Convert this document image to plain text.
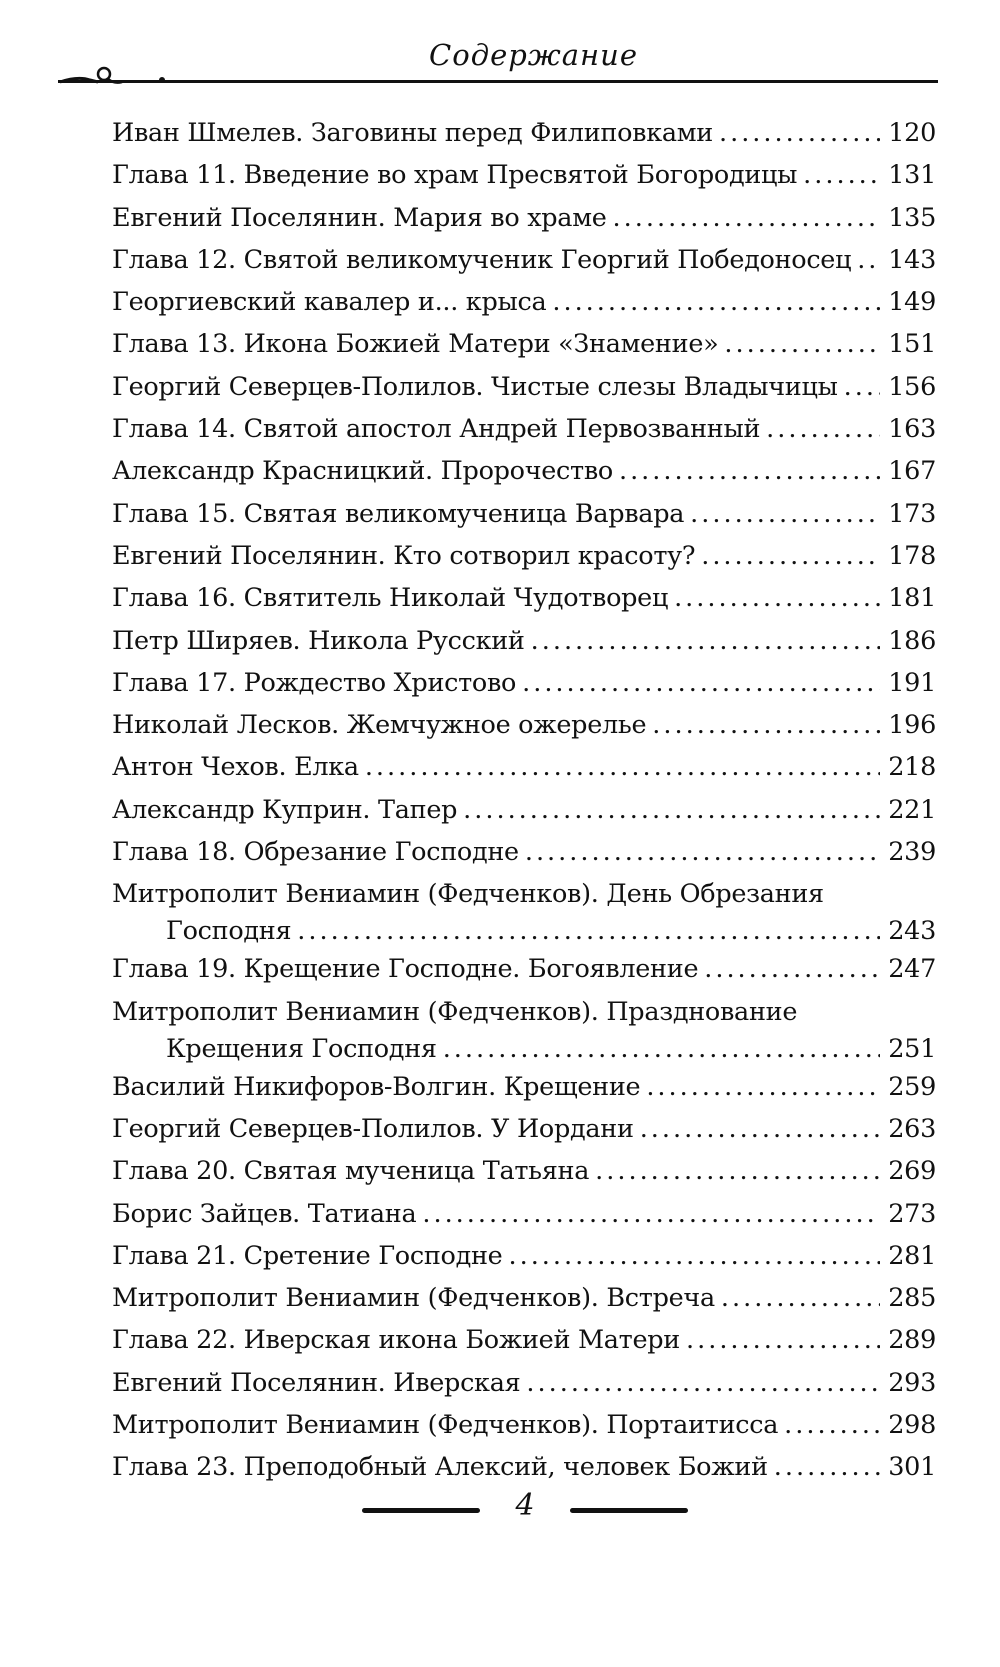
Содержание
Иван Шмелев. Заговины перед Филиповками .....	120
Глава 11. Введение во храм Пресвятой Богородицы .....	131
Евгений Поселянин. Мария во храме .....	135
Глава 12. Святой великомученик Георгий Победоносец ..... 143
Георгиевский кавалер и... крыса .....	149
Глава 13. Икона Божией Матери «Знамение» .....	151
Георгий Северцев-Полилов. Чистые слезы Владычицы ..... 156
Глава 14. Святой апостол Андрей Первозванный .....	163
Александр Красницкий. Пророчество .....	167
Глава 15. Святая великомученица Варвара .....	173
Евгений Поселянин. Кто сотворил красоту? .....	178
Глава 16. Святитель Николай Чудотворец .....	181
Петр Ширяев. Никола Русский .....	186
Глава 17. Рождество Христово .....	191
Николай Лесков. Жемчужное ожерелье .....	196
Антон Чехов. Елка .....	218
Александр Куприн. Тапер .....	221
Глава 18. Обрезание Господне .....	239
Митрополит Вениамин (Федченков). День Обрезания
Господня .....	243
Глава 19. Крещение Господне. Богоявление .....	247
Митрополит Вениамин (Федченков). Празднование
Крещения Господня .....	251
Василий Никифоров-Волгин. Крещение .....	259
Георгий Северцев-Полилов. У Иордани .....	263
Глава 20. Святая мученица Татьяна .....	269
Борис Зайцев. Татиана .....	273
Глава 21. Сретение Господне .....	281
Митрополит Вениамин (Федченков). Встреча .....	285
Глава 22. Иверская икона Божией Матери .....	289
Евгений Поселянин. Иверская .....	293
Митрополит Вениамин (Федченков). Портаитисса .....	298
Глава 23. Преподобный Алексий, человек Божий .....	301
4
